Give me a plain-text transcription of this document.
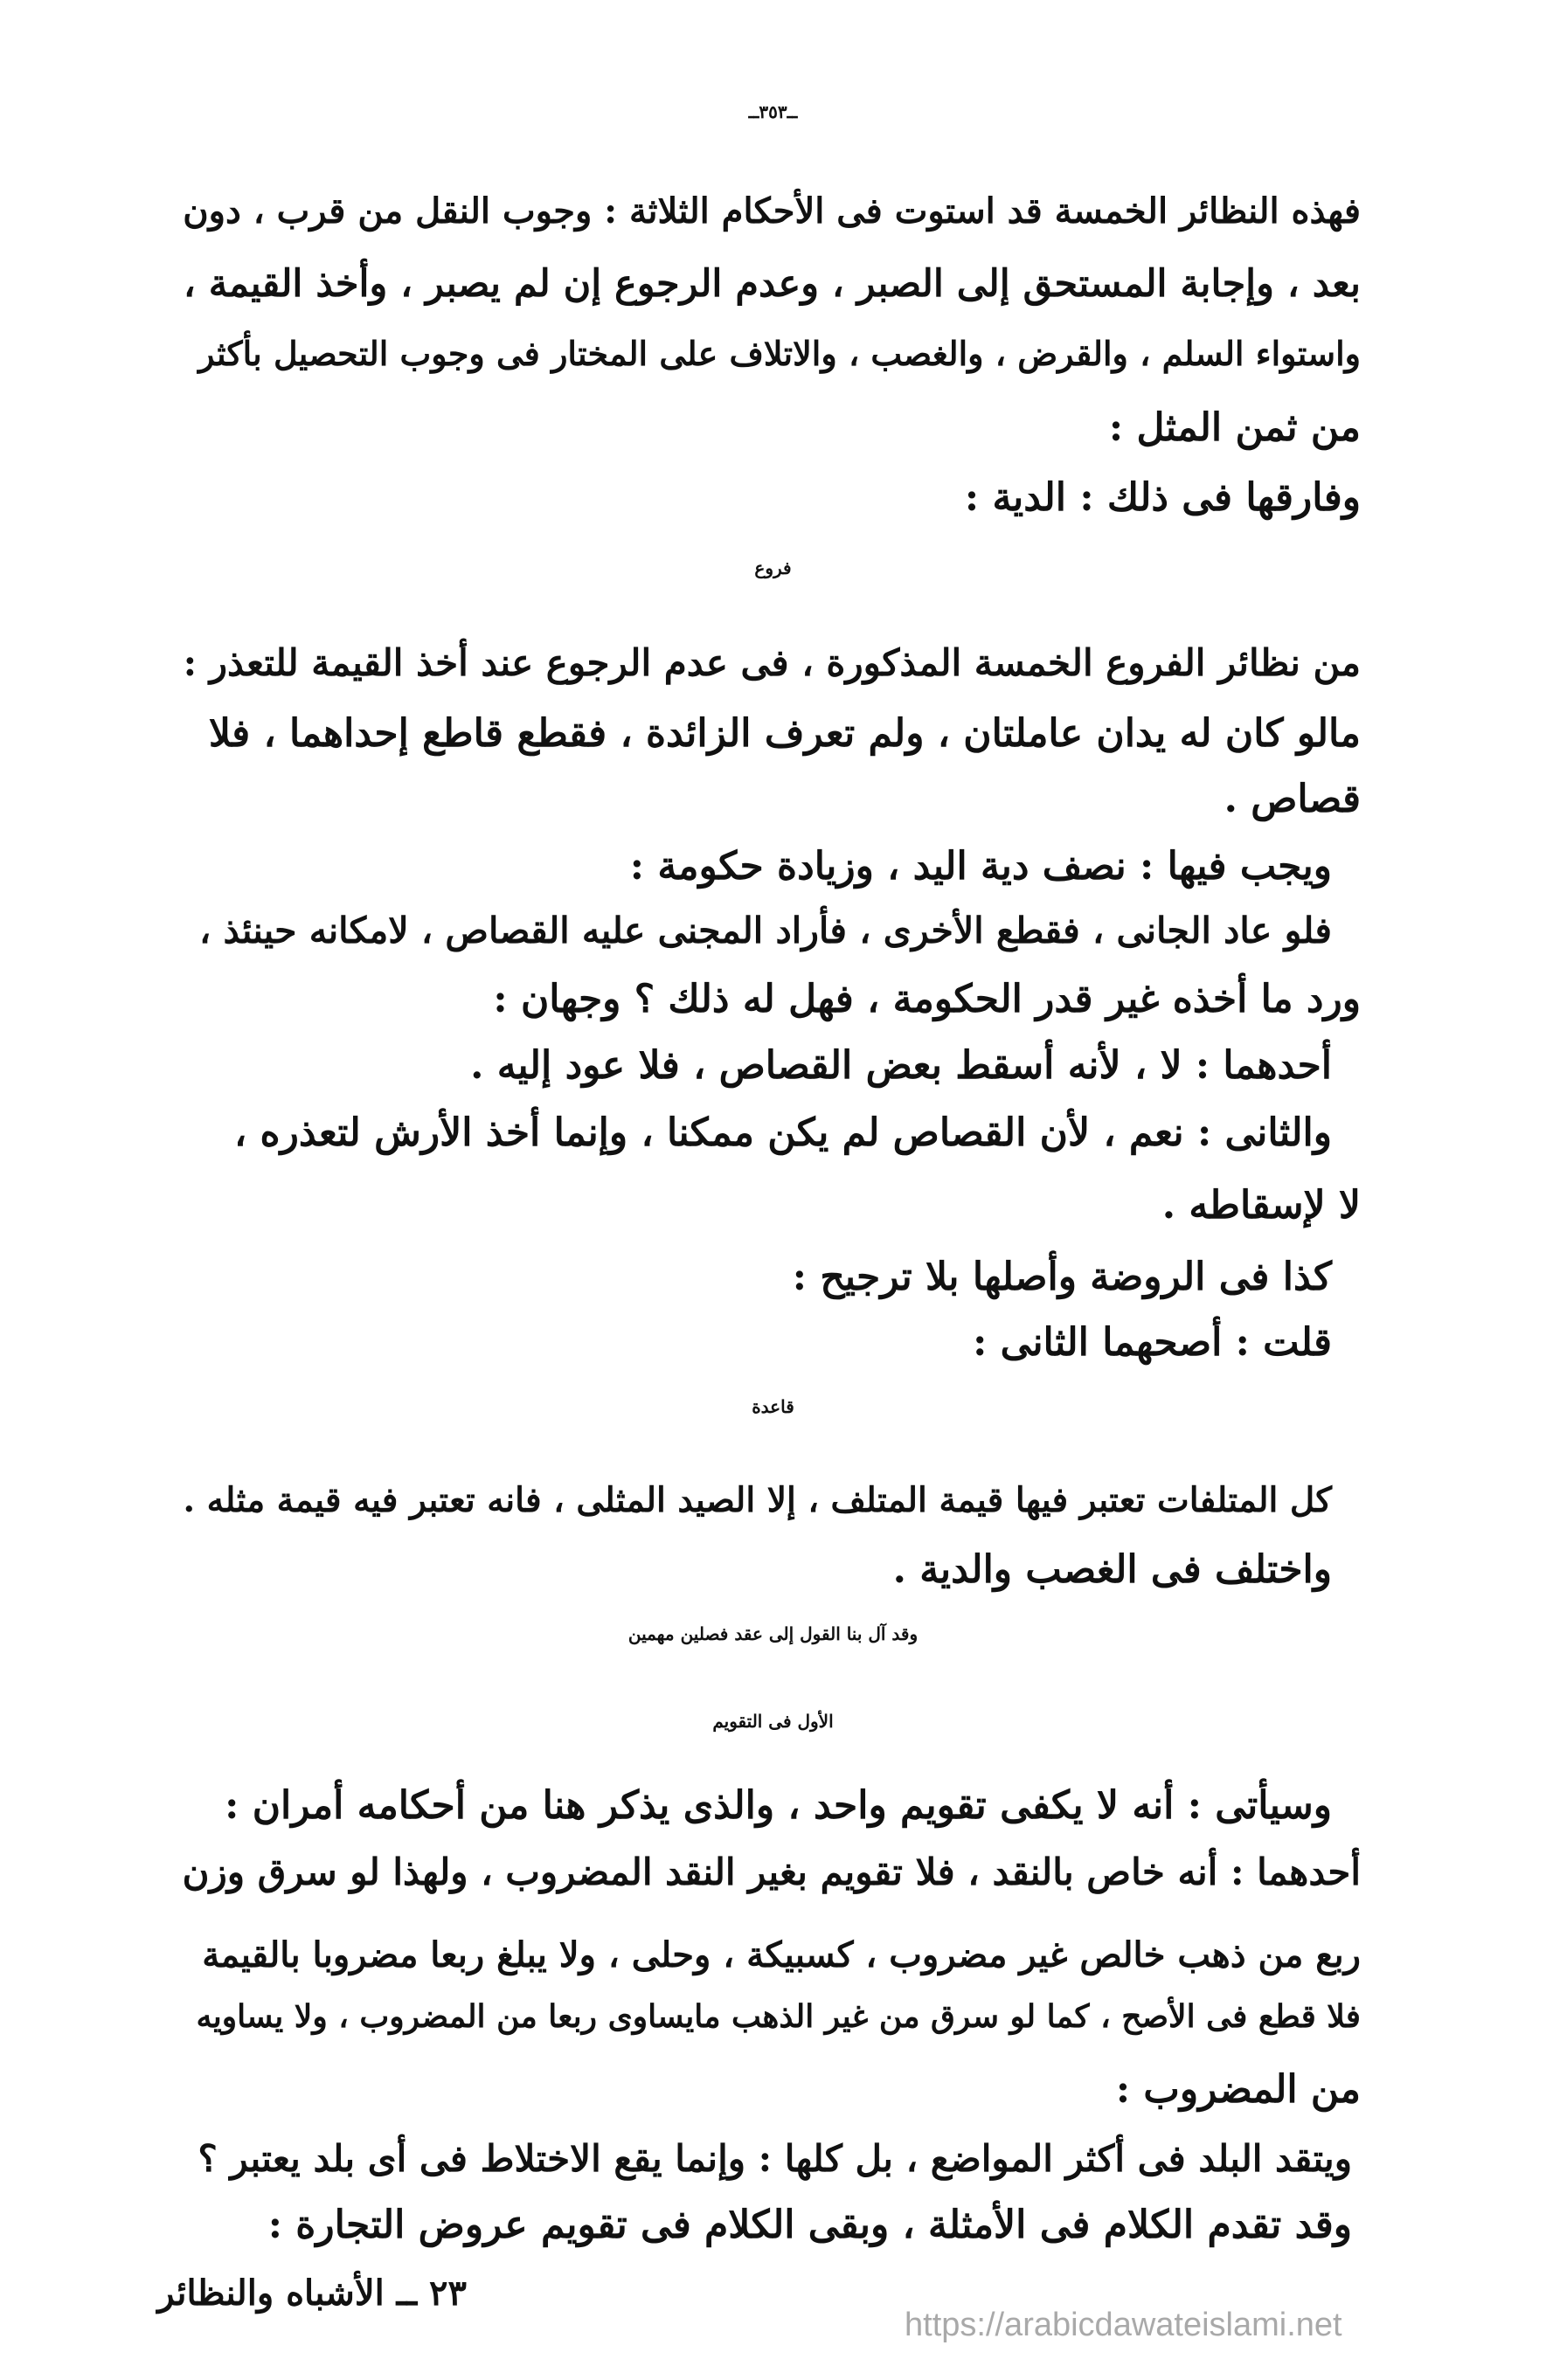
ــ٣٥٣ــ
فهذه النظائر الخمسة قد استوت فى الأحكام الثلاثة : وجوب النقل من قرب ، دون
بعد ، وإجابة المستحق إلى الصبر ، وعدم الرجوع إن لم يصبر ، وأخذ القيمة ،
واستواء السلم ، والقرض ، والغصب ، والاتلاف على المختار فى وجوب التحصيل بأكثر
من ثمن المثل :
وفارقها فى ذلك : الدية :
فروع
من نظائر الفروع الخمسة المذكورة ، فى عدم الرجوع عند أخذ القيمة للتعذر :
مالو كان له يدان عاملتان ، ولم تعرف الزائدة ، فقطع قاطع إحداهما ، فلا
قصاص .
ويجب فيها : نصف دية اليد ، وزيادة حكومة :
فلو عاد الجانى ، فقطع الأخرى ، فأراد المجنى عليه القصاص ، لامكانه حينئذ ،
ورد ما أخذه غير قدر الحكومة ، فهل له ذلك ؟ وجهان :
أحدهما : لا ، لأنه أسقط بعض القصاص ، فلا عود إليه .
والثانى : نعم ، لأن القصاص لم يكن ممكنا ، وإنما أخذ الأرش لتعذره ،
لا لإسقاطه .
كذا فى الروضة وأصلها بلا ترجيح :
قلت : أصحهما الثانى :
قاعدة
كل المتلفات تعتبر فيها قيمة المتلف ، إلا الصيد المثلى ، فانه تعتبر فيه قيمة مثله .
واختلف فى الغصب والدية .
وقد آل بنا القول إلى عقد فصلين مهمين
الأول فى التقويم
وسيأتى : أنه لا يكفى تقويم واحد ، والذى يذكر هنا من أحكامه أمران :
أحدهما : أنه خاص بالنقد ، فلا تقويم بغير النقد المضروب ، ولهذا لو سرق وزن
ربع من ذهب خالص غير مضروب ، كسبيكة ، وحلى ، ولا يبلغ ربعا مضروبا بالقيمة
فلا قطع فى الأصح ، كما لو سرق من غير الذهب مايساوى ربعا من المضروب ، ولا يساويه
من المضروب :
ويتقد البلد فى أكثر المواضع ، بل كلها : وإنما يقع الاختلاط فى أى بلد يعتبر ؟
وقد تقدم الكلام فى الأمثلة ، وبقى الكلام فى تقويم عروض التجارة :
٢٣ ــ الأشباه والنظائر
https://arabicdawateislami.net
